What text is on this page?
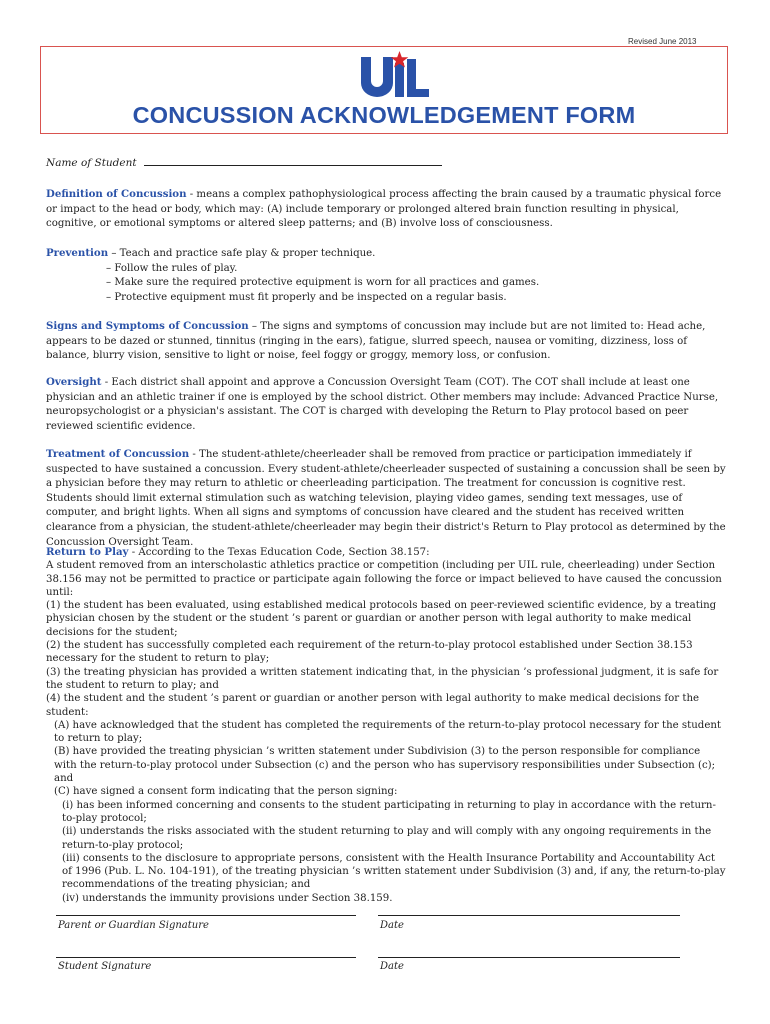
Revised June 2013
CONCUSSION ACKNOWLEDGEMENT FORM
Name of Student

Definition of Concussion - means a complex pathophysiological process affecting the brain caused by a traumatic physical force or impact to the head or body, which may: (A) include temporary or prolonged altered brain function resulting in physical, cognitive, or emotional symptoms or altered sleep patterns; and (B) involve loss of consciousness.

Prevention – Teach and practice safe play & proper technique.
– Follow the rules of play.
– Make sure the required protective equipment is worn for all practices and games.
– Protective equipment must fit properly and be inspected on a regular basis.

Signs and Symptoms of Concussion – The signs and symptoms of concussion may include but are not limited to: Head ache, appears to be dazed or stunned, tinnitus (ringing in the ears), fatigue, slurred speech, nausea or vomiting, dizziness, loss of balance, blurry vision, sensitive to light or noise, feel foggy or groggy, memory loss, or confusion.

Oversight - Each district shall appoint and approve a Concussion Oversight Team (COT). The COT shall include at least one physician and an athletic trainer if one is employed by the school district. Other members may include: Advanced Practice Nurse, neuropsychologist or a physician's assistant. The COT is charged with developing the Return to Play protocol based on peer reviewed scientific evidence.

Treatment of Concussion - The student-athlete/cheerleader shall be removed from practice or participation immediately if suspected to have sustained a concussion. Every student-athlete/cheerleader suspected of sustaining a concussion shall be seen by a physician before they may return to athletic or cheerleading participation. The treatment for concussion is cognitive rest. Students should limit external stimulation such as watching television, playing video games, sending text messages, use of computer, and bright lights. When all signs and symptoms of concussion have cleared and the student has received written clearance from a physician, the student-athlete/cheerleader may begin their district's Return to Play protocol as determined by the Concussion Oversight Team.

Return to Play - According to the Texas Education Code, Section 38.157:
A student removed from an interscholastic athletics practice or competition (including per UIL rule, cheerleading) under Section 38.156 may not be permitted to practice or participate again following the force or impact believed to have caused the concussion until:
(1) the student has been evaluated, using established medical protocols based on peer-reviewed scientific evidence, by a treating physician chosen by the student or the student ’s parent or guardian or another person with legal authority to make medical decisions for the student;
(2) the student has successfully completed each requirement of the return-to-play protocol established under Section 38.153 necessary for the student to return to play;
(3) the treating physician has provided a written statement indicating that, in the physician ’s professional judgment, it is safe for the student to return to play; and
(4) the student and the student ’s parent or guardian or another person with legal authority to make medical decisions for the student:
(A) have acknowledged that the student has completed the requirements of the return-to-play protocol necessary for the student to return to play;
(B) have provided the treating physician ’s written statement under Subdivision (3) to the person responsible for compliance with the return-to-play protocol under Subsection (c) and the person who has supervisory responsibilities under Subsection (c); and
(C) have signed a consent form indicating that the person signing:
(i) has been informed concerning and consents to the student participating in returning to play in accordance with the return-to-play protocol;
(ii) understands the risks associated with the student returning to play and will comply with any ongoing requirements in the return-to-play protocol;
(iii) consents to the disclosure to appropriate persons, consistent with the Health Insurance Portability and Accountability Act of 1996 (Pub. L. No. 104-191), of the treating physician ’s written statement under Subdivision (3) and, if any, the return-to-play recommendations of the treating physician; and
(iv) understands the immunity provisions under Section 38.159.
Parent or Guardian Signature	Date
Student Signature	Date
